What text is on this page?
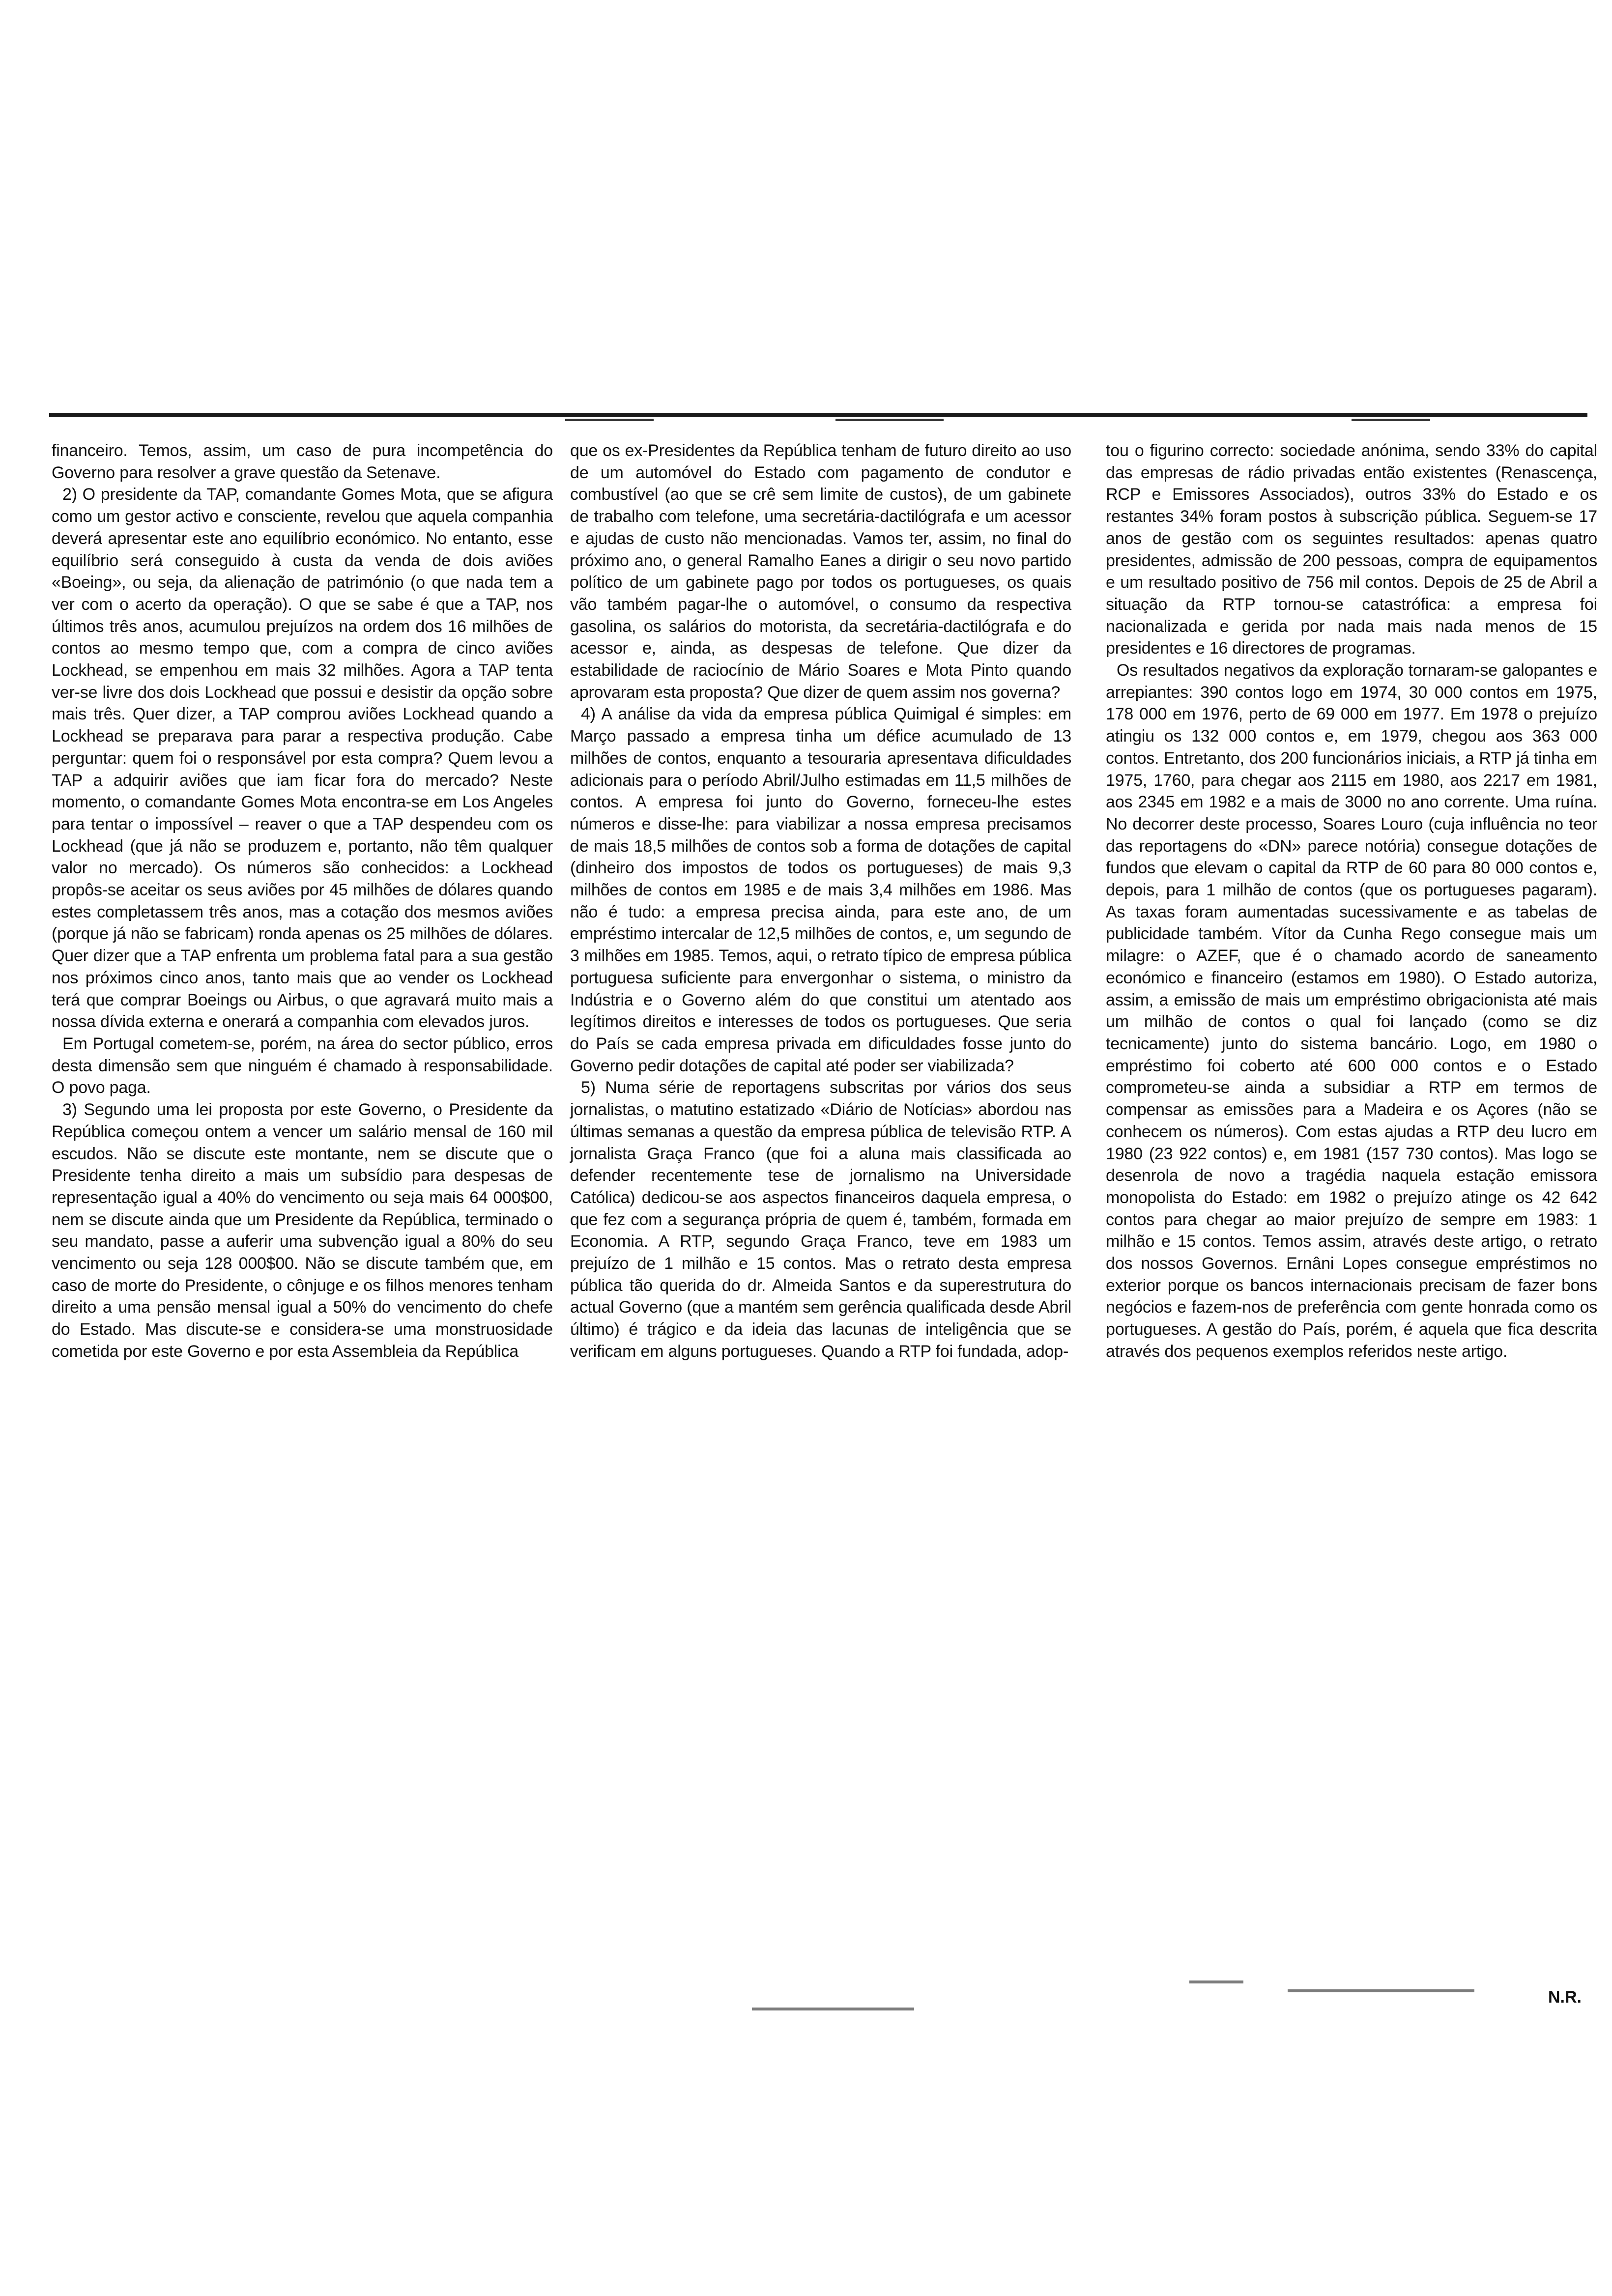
financeiro. Temos, assim, um caso de pura incompetência do Governo para resolver a grave questão da Setenave.

2) O presidente da TAP, comandante Gomes Mota, que se afigura como um gestor activo e consciente, revelou que aquela companhia deverá apresentar este ano equilíbrio económico. No entanto, esse equilíbrio será conseguido à custa da venda de dois aviões «Boeing», ou seja, da alienação de património (o que nada tem a ver com o acerto da operação). O que se sabe é que a TAP, nos últimos três anos, acumulou prejuízos na ordem dos 16 milhões de contos ao mesmo tempo que, com a compra de cinco aviões Lockhead, se empenhou em mais 32 milhões. Agora a TAP tenta ver-se livre dos dois Lockhead que possui e desistir da opção sobre mais três. Quer dizer, a TAP comprou aviões Lockhead quando a Lockhead se preparava para parar a respectiva produção. Cabe perguntar: quem foi o responsável por esta compra? Quem levou a TAP a adquirir aviões que iam ficar fora do mercado? Neste momento, o comandante Gomes Mota encontra-se em Los Angeles para tentar o impossível – reaver o que a TAP despendeu com os Lockhead (que já não se produzem e, portanto, não têm qualquer valor no mercado). Os números são conhecidos: a Lockhead propôs-se aceitar os seus aviões por 45 milhões de dólares quando estes completassem três anos, mas a cotação dos mesmos aviões (porque já não se fabricam) ronda apenas os 25 milhões de dólares. Quer dizer que a TAP enfrenta um problema fatal para a sua gestão nos próximos cinco anos, tanto mais que ao vender os Lockhead terá que comprar Boeings ou Airbus, o que agravará muito mais a nossa dívida externa e onerará a companhia com elevados juros.

Em Portugal cometem-se, porém, na área do sector público, erros desta dimensão sem que ninguém é chamado à responsabilidade. O povo paga.

3) Segundo uma lei proposta por este Governo, o Presidente da República começou ontem a vencer um salário mensal de 160 mil escudos. Não se discute este montante, nem se discute que o Presidente tenha direito a mais um subsídio para despesas de representação igual a 40% do vencimento ou seja mais 64 000$00, nem se discute ainda que um Presidente da República, terminado o seu mandato, passe a auferir uma subvenção igual a 80% do seu vencimento ou seja 128 000$00. Não se discute também que, em caso de morte do Presidente, o cônjuge e os filhos menores tenham direito a uma pensão mensal igual a 50% do vencimento do chefe do Estado. Mas discute-se e considera-se uma monstruosidade cometida por este Governo e por esta Assembleia da República

que os ex-Presidentes da República tenham de futuro direito ao uso de um automóvel do Estado com pagamento de condutor e combustível (ao que se crê sem limite de custos), de um gabinete de trabalho com telefone, uma secretária-dactilógrafa e um acessor e ajudas de custo não mencionadas. Vamos ter, assim, no final do próximo ano, o general Ramalho Eanes a dirigir o seu novo partido político de um gabinete pago por todos os portugueses, os quais vão também pagar-lhe o automóvel, o consumo da respectiva gasolina, os salários do motorista, da secretária-dactilógrafa e do acessor e, ainda, as despesas de telefone. Que dizer da estabilidade de raciocínio de Mário Soares e Mota Pinto quando aprovaram esta proposta? Que dizer de quem assim nos governa?

4) A análise da vida da empresa pública Quimigal é simples: em Março passado a empresa tinha um défice acumulado de 13 milhões de contos, enquanto a tesouraria apresentava dificuldades adicionais para o período Abril/Julho estimadas em 11,5 milhões de contos. A empresa foi junto do Governo, forneceu-lhe estes números e disse-lhe: para viabilizar a nossa empresa precisamos de mais 18,5 milhões de contos sob a forma de dotações de capital (dinheiro dos impostos de todos os portugueses) de mais 9,3 milhões de contos em 1985 e de mais 3,4 milhões em 1986. Mas não é tudo: a empresa precisa ainda, para este ano, de um empréstimo intercalar de 12,5 milhões de contos, e, um segundo de 3 milhões em 1985. Temos, aqui, o retrato típico de empresa pública portuguesa suficiente para envergonhar o sistema, o ministro da Indústria e o Governo além do que constitui um atentado aos legítimos direitos e interesses de todos os portugueses. Que seria do País se cada empresa privada em dificuldades fosse junto do Governo pedir dotações de capital até poder ser viabilizada?

5) Numa série de reportagens subscritas por vários dos seus jornalistas, o matutino estatizado «Diário de Notícias» abordou nas últimas semanas a questão da empresa pública de televisão RTP. A jornalista Graça Franco (que foi a aluna mais classificada ao defender recentemente tese de jornalismo na Universidade Católica) dedicou-se aos aspectos financeiros daquela empresa, o que fez com a segurança própria de quem é, também, formada em Economia. A RTP, segundo Graça Franco, teve em 1983 um prejuízo de 1 milhão e 15 contos. Mas o retrato desta empresa pública tão querida do dr. Almeida Santos e da superestrutura do actual Governo (que a mantém sem gerência qualificada desde Abril último) é trágico e da ideia das lacunas de inteligência que se verificam em alguns portugueses. Quando a RTP foi fundada, adop-

tou o figurino correcto: sociedade anónima, sendo 33% do capital das empresas de rádio privadas então existentes (Renascença, RCP e Emissores Associados), outros 33% do Estado e os restantes 34% foram postos à subscrição pública. Seguem-se 17 anos de gestão com os seguintes resultados: apenas quatro presidentes, admissão de 200 pessoas, compra de equipamentos e um resultado positivo de 756 mil contos. Depois de 25 de Abril a situação da RTP tornou-se catastrófica: a empresa foi nacionalizada e gerida por nada mais nada menos de 15 presidentes e 16 directores de programas.

Os resultados negativos da exploração tornaram-se galopantes e arrepiantes: 390 contos logo em 1974, 30 000 contos em 1975, 178 000 em 1976, perto de 69 000 em 1977. Em 1978 o prejuízo atingiu os 132 000 contos e, em 1979, chegou aos 363 000 contos. Entretanto, dos 200 funcionários iniciais, a RTP já tinha em 1975, 1760, para chegar aos 2115 em 1980, aos 2217 em 1981, aos 2345 em 1982 e a mais de 3000 no ano corrente. Uma ruína. No decorrer deste processo, Soares Louro (cuja influência no teor das reportagens do «DN» parece notória) consegue dotações de fundos que elevam o capital da RTP de 60 para 80 000 contos e, depois, para 1 milhão de contos (que os portugueses pagaram). As taxas foram aumentadas sucessivamente e as tabelas de publicidade também. Vítor da Cunha Rego consegue mais um milagre: o AZEF, que é o chamado acordo de saneamento económico e financeiro (estamos em 1980). O Estado autoriza, assim, a emissão de mais um empréstimo obrigacionista até mais um milhão de contos o qual foi lançado (como se diz tecnicamente) junto do sistema bancário. Logo, em 1980 o empréstimo foi coberto até 600 000 contos e o Estado comprometeu-se ainda a subsidiar a RTP em termos de compensar as emissões para a Madeira e os Açores (não se conhecem os números). Com estas ajudas a RTP deu lucro em 1980 (23 922 contos) e, em 1981 (157 730 contos). Mas logo se desenrola de novo a tragédia naquela estação emissora monopolista do Estado: em 1982 o prejuízo atinge os 42 642 contos para chegar ao maior prejuízo de sempre em 1983: 1 milhão e 15 contos. Temos assim, através deste artigo, o retrato dos nossos Governos. Ernâni Lopes consegue empréstimos no exterior porque os bancos internacionais precisam de fazer bons negócios e fazem-nos de preferência com gente honrada como os portugueses. A gestão do País, porém, é aquela que fica descrita através dos pequenos exemplos referidos neste artigo.

N.R.
